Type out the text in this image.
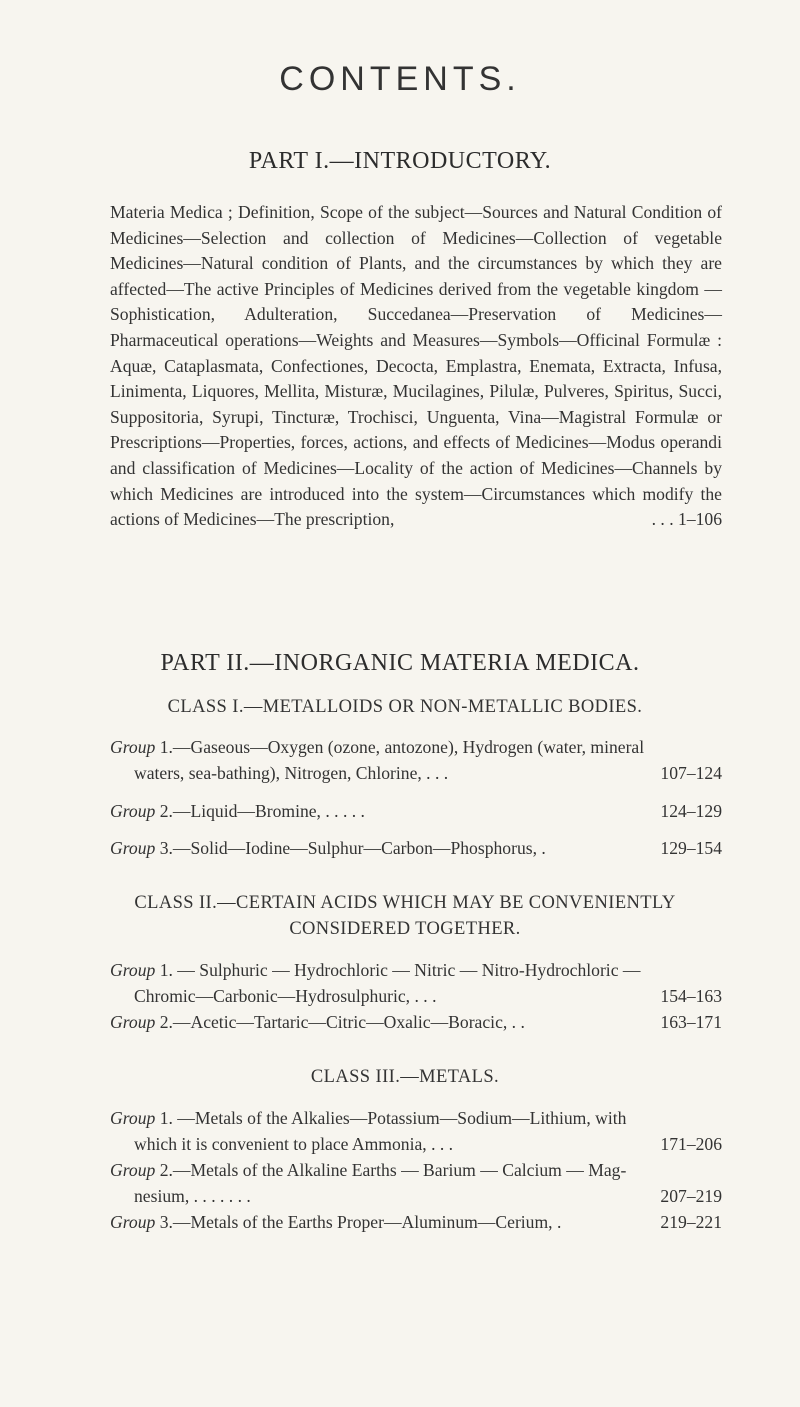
CONTENTS.
PART I.—INTRODUCTORY.
Materia Medica ; Definition, Scope of the subject—Sources and Natural Condition of Medicines—Selection and collection of Medicines—Collection of vegetable Medicines—Natural condition of Plants, and the circumstances by which they are affected—The active Principles of Medicines derived from the vegetable kingdom — Sophistication, Adulteration, Succedanea—Preservation of Medicines—Pharmaceutical operations—Weights and Measures—Symbols—Officinal Formulæ : Aquæ, Cataplasmata, Confectiones, Decocta, Emplastra, Enemata, Extracta, Infusa, Linimenta, Liquores, Mellita, Misturæ, Mucilagines, Pilulæ, Pulveres, Spiritus, Succi, Suppositoria, Syrupi, Tincturæ, Trochisci, Unguenta, Vina—Magistral Formulæ or Prescriptions—Properties, forces, actions, and effects of Medicines—Modus operandi and classification of Medicines—Locality of the action of Medicines—Channels by which Medicines are introduced into the system—Circumstances which modify the actions of Medicines—The prescription,	. . . 1–106
PART II.—INORGANIC MATERIA MEDICA.
CLASS I.—METALLOIDS OR NON-METALLIC BODIES.
Group 1.—Gaseous—Oxygen (ozone, antozone), Hydrogen (water, mineral
waters, sea-bathing), Nitrogen, Chlorine, . . .	107–124
Group 2.—Liquid—Bromine, . . . . .	124–129
Group 3.—Solid—Iodine—Sulphur—Carbon—Phosphorus, .	129–154
CLASS II.—CERTAIN ACIDS WHICH MAY BE CONVENIENTLY CONSIDERED TOGETHER.
Group 1. — Sulphuric — Hydrochloric — Nitric — Nitro-Hydrochloric —
Chromic—Carbonic—Hydrosulphuric, . . .	154–163
Group 2.—Acetic—Tartaric—Citric—Oxalic—Boracic, . .	163–171
CLASS III.—METALS.
Group 1. —Metals of the Alkalies—Potassium—Sodium—Lithium, with
which it is convenient to place Ammonia, . . .	171–206
Group 2.—Metals of the Alkaline Earths — Barium — Calcium — Mag-
nesium, . . . . . . .	207–219
Group 3.—Metals of the Earths Proper—Aluminum—Cerium, .	219–221
